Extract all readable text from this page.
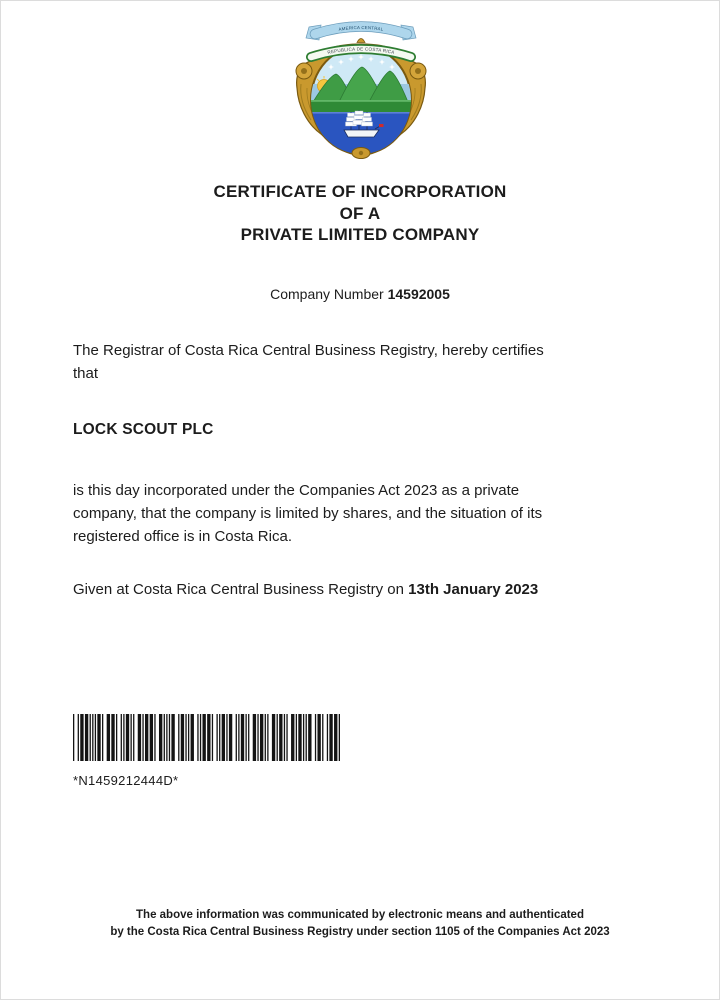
REPUBLICA DE COSTA RICA
AMERICA CENTRAL
CERTIFICATE OF INCORPORATION
OF A
PRIVATE LIMITED COMPANY
Company Number 14592005
The Registrar of Costa Rica Central Business Registry, hereby certifies
that
LOCK SCOUT PLC
is this day incorporated under the Companies Act 2023 as a private
company, that the company is limited by shares, and the situation of its
registered office is in Costa Rica.
Given at Costa Rica Central Business Registry on 13th January 2023
*N1459212444D*
The above information was communicated by electronic means and authenticated
by the Costa Rica Central Business Registry under section 1105 of the Companies Act 2023
